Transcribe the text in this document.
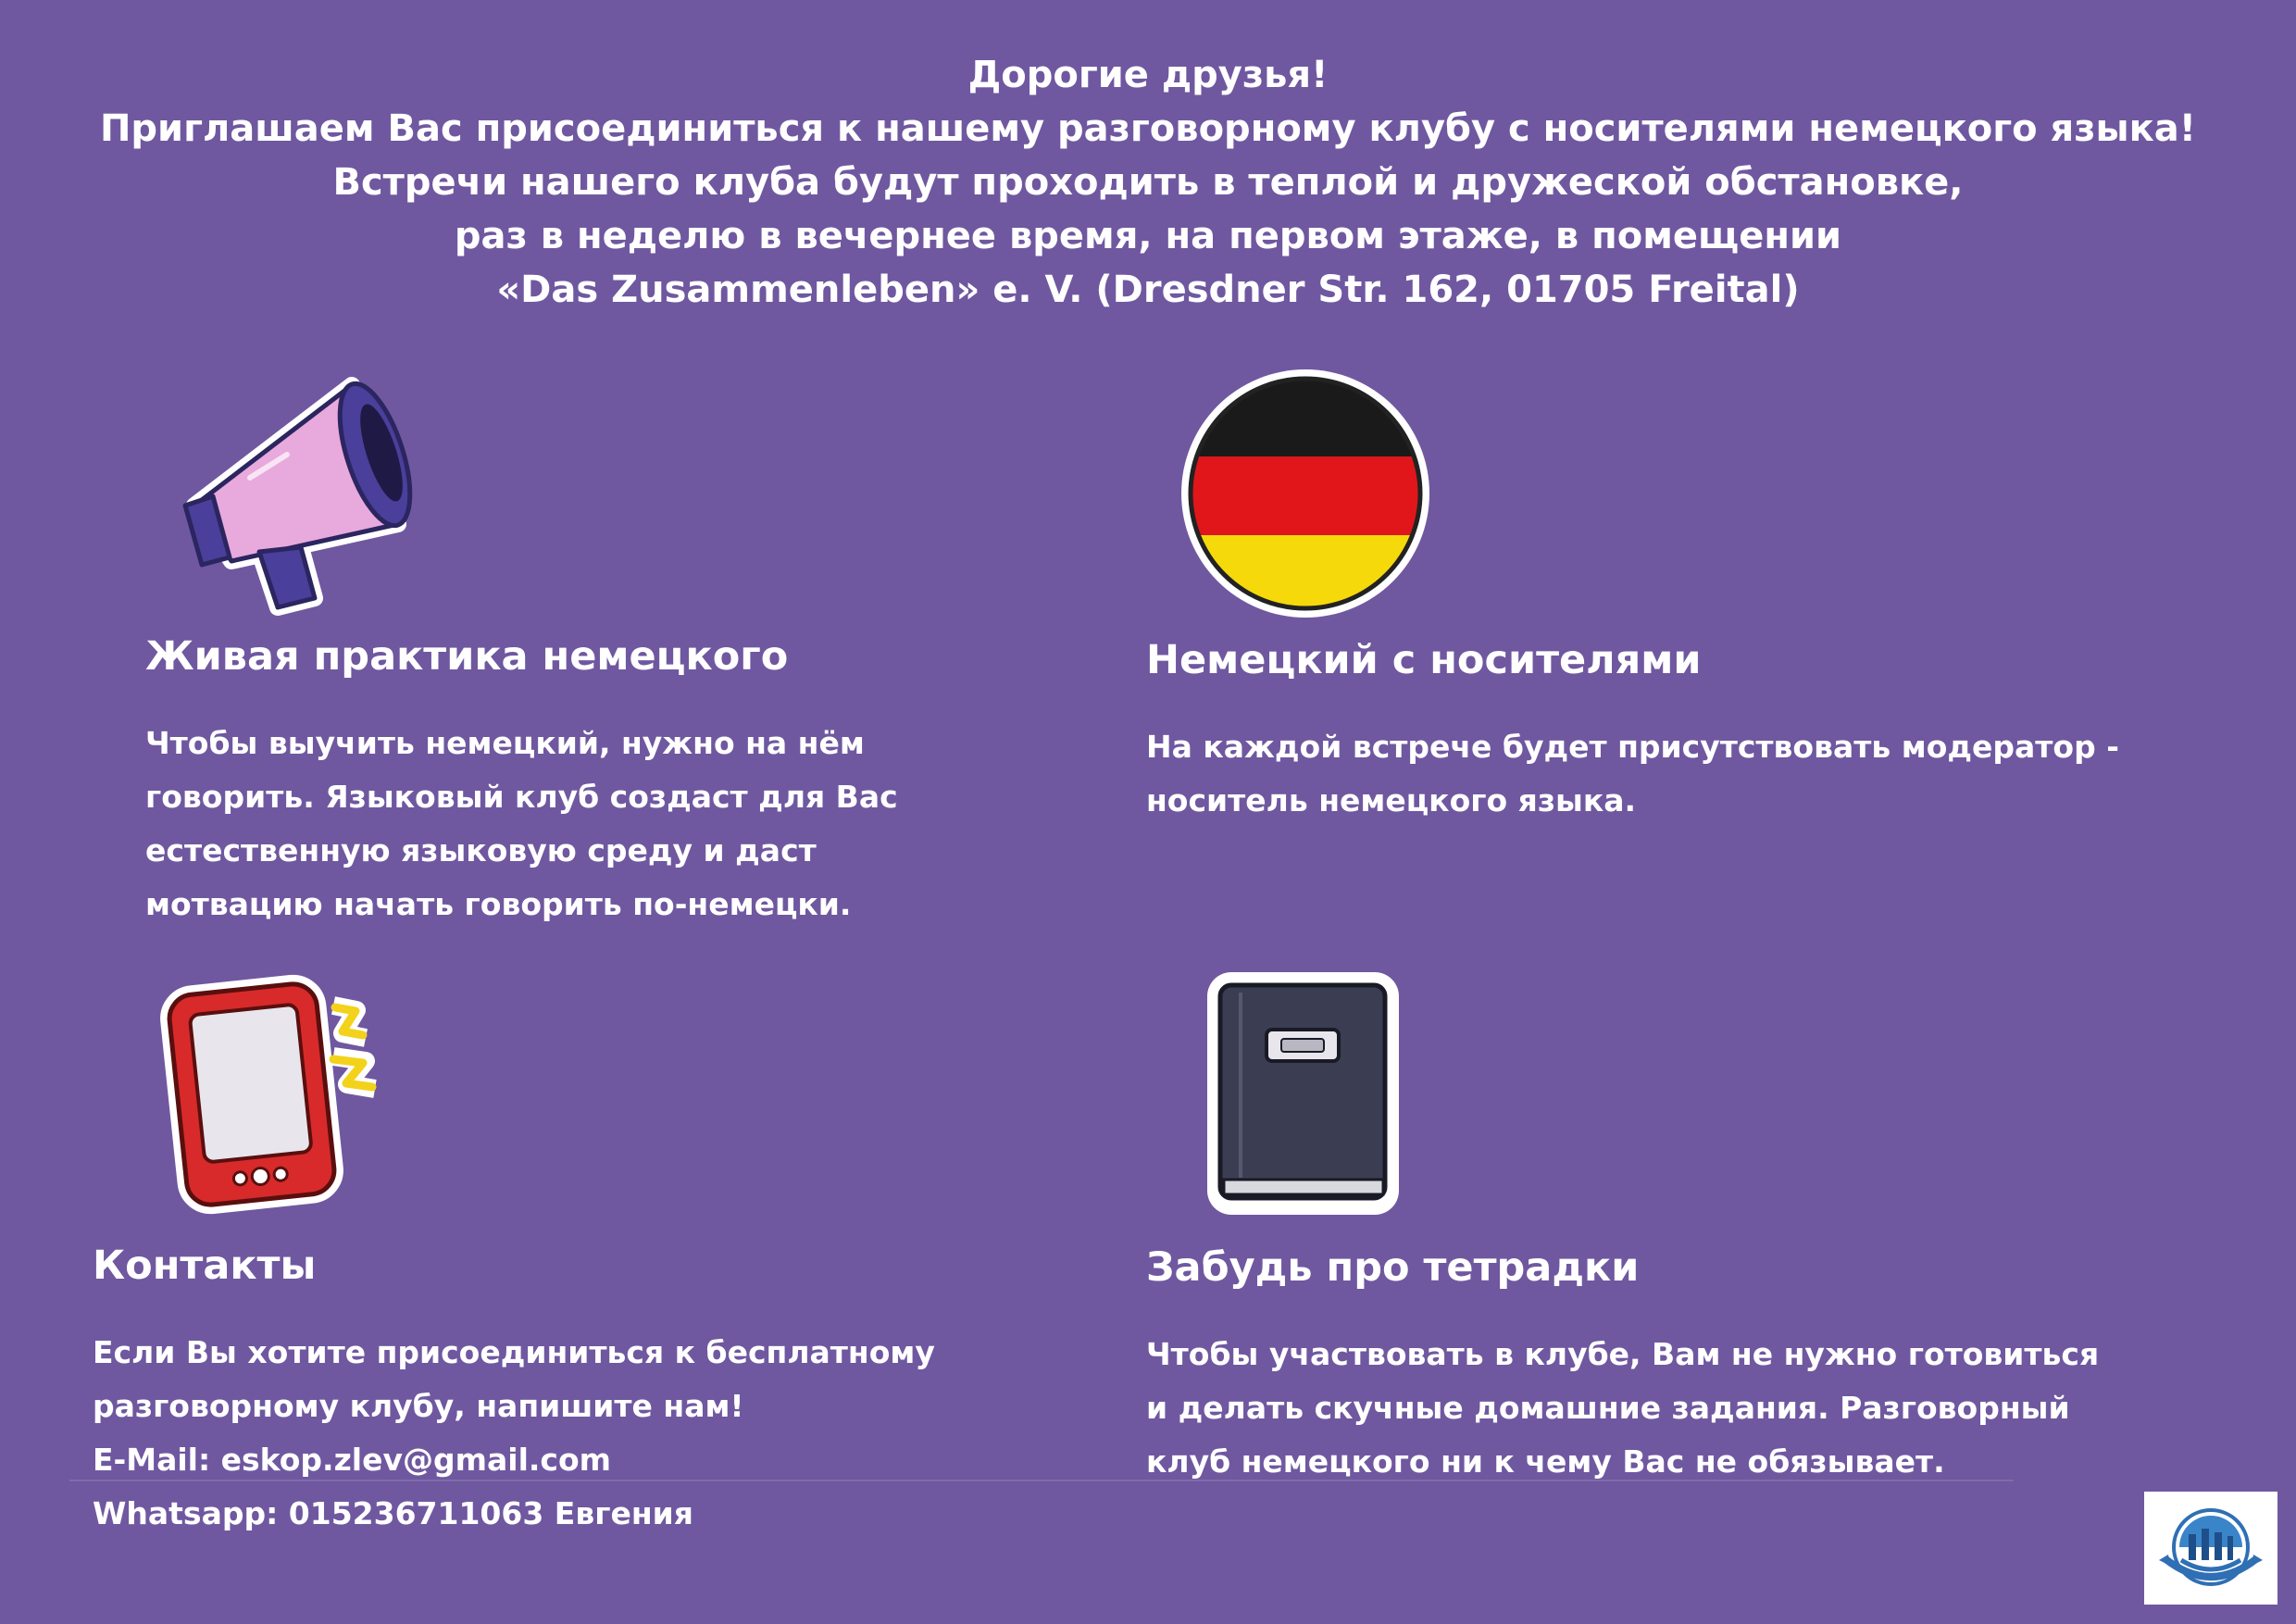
Дорогие друзья!
Приглашаем Вас присоединиться к нашему разговорному клубу с носителями немецкого языка!
Встречи нашего клуба будут проходить в теплой и дружеской обстановке,
раз в неделю в вечернее время, на первом этаже, в помещении
«Das Zusammenleben» e. V. (Dresdner Str. 162, 01705 Freital)
Живая практика немецкого
Чтобы выучить немецкий, нужно на нём
говорить. Языковый клуб создаст для Вас
естественную языковую среду и даст
мотвацию начать говорить по-немецки.
Немецкий с носителями
На каждой встрече будет присутствовать модератор -
носитель немецкого языка.
Контакты
Если Вы хотите присоединиться к бесплатному
разговорному клубу, напишите нам!
E-Mail: eskop.zlev@gmail.com
Whatsapp: 015236711063 Евгения
Забудь про тетрадки
Чтобы участвовать в клубе, Вам не нужно готовиться
и делать скучные домашние задания. Разговорный
клуб немецкого ни к чему Вас не обязывает.
